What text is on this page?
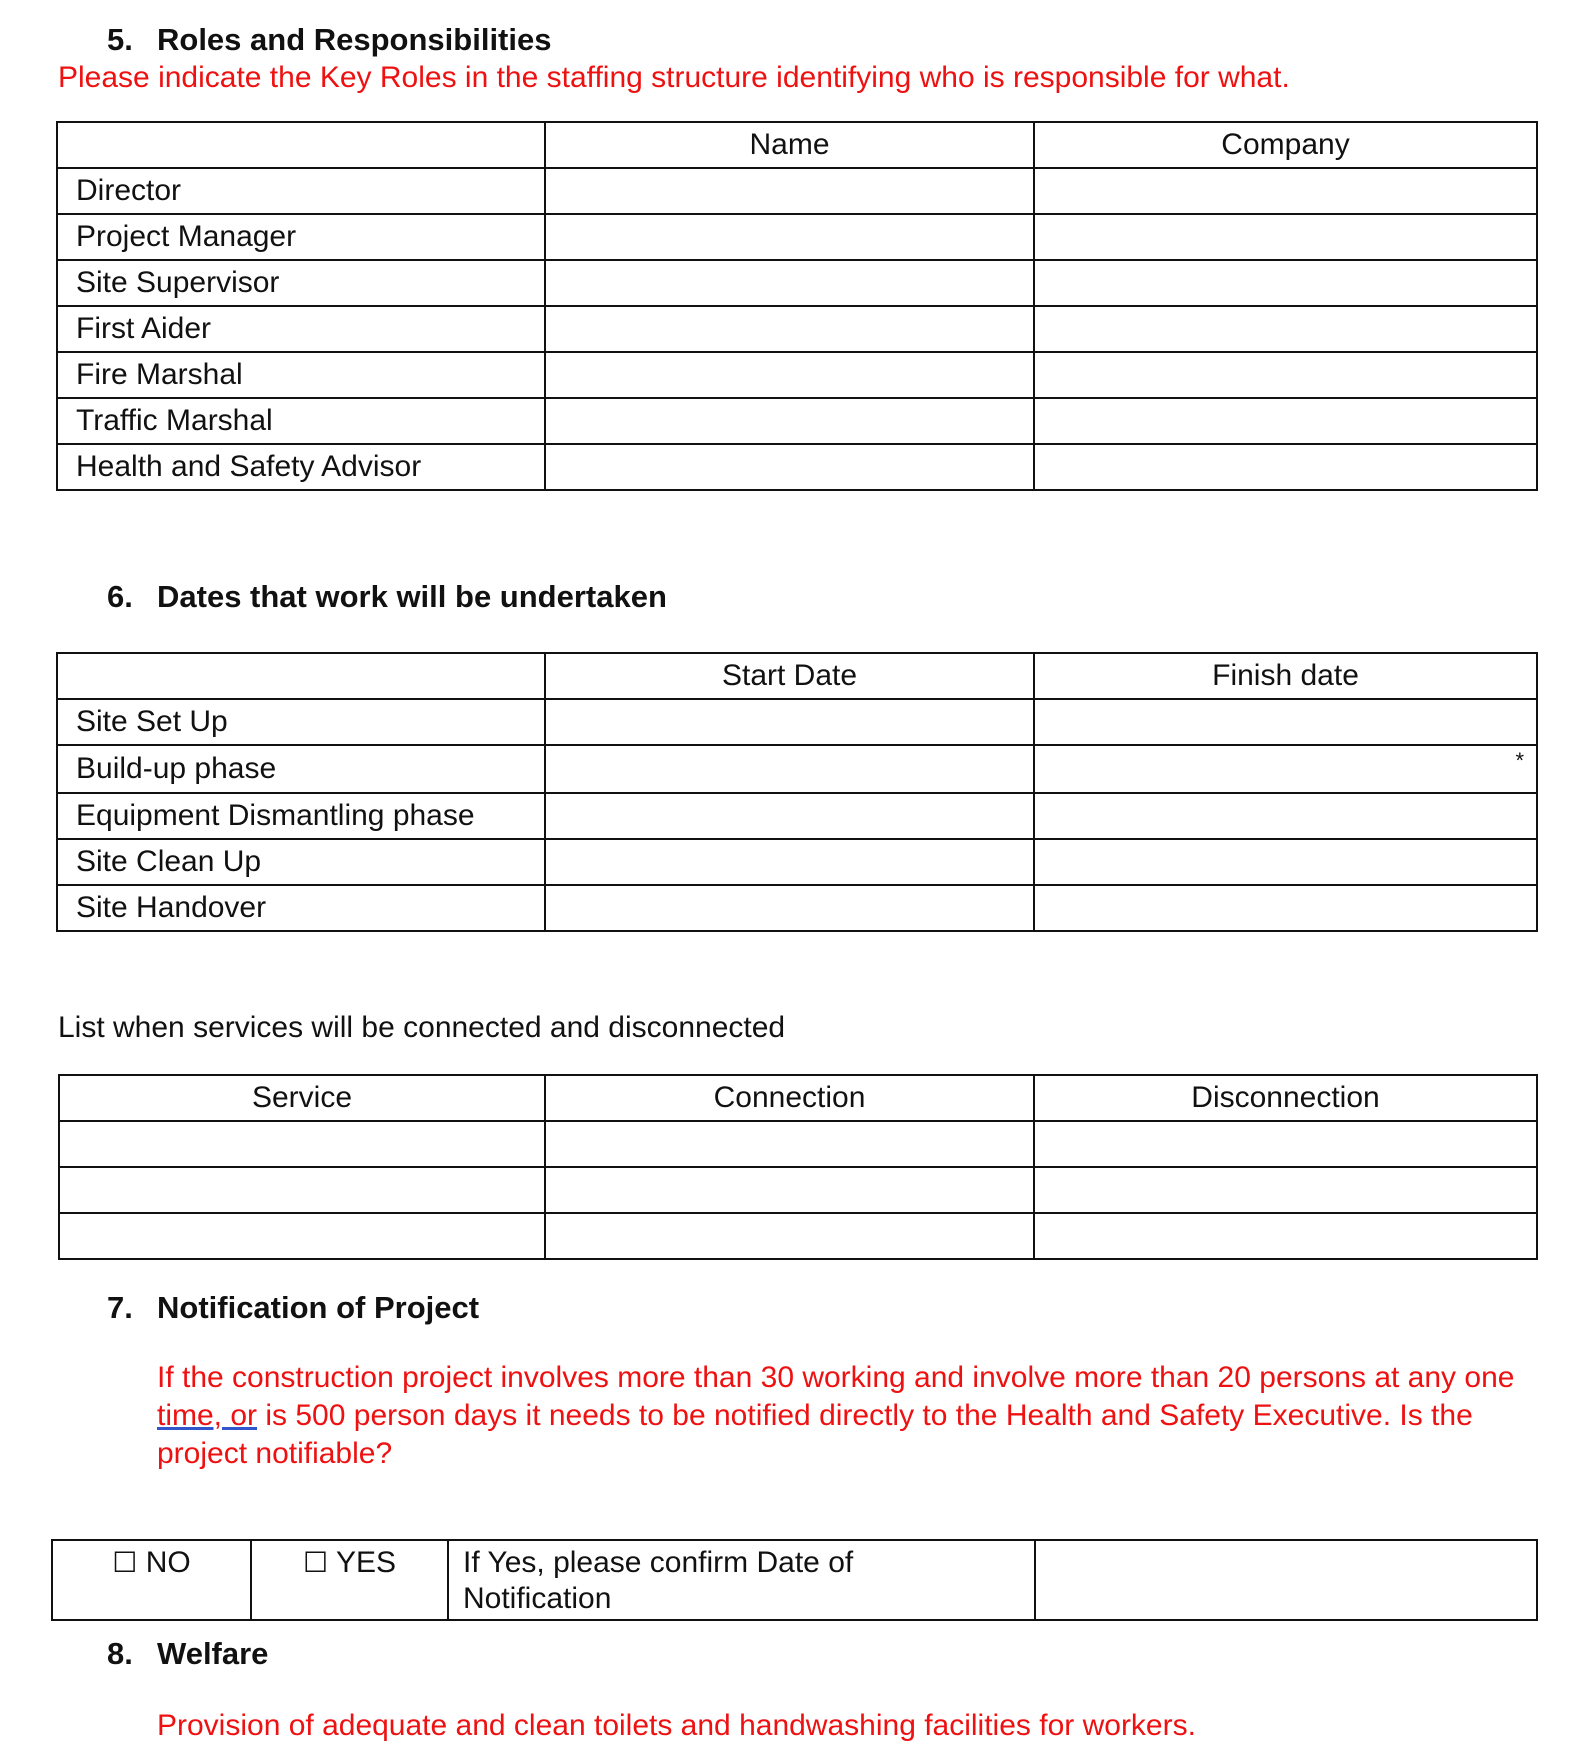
5. Roles and Responsibilities
Please indicate the Key Roles in the staffing structure identifying who is responsible for what.
	Name	Company
Director		
Project Manager		
Site Supervisor		
First Aider		
Fire Marshal		
Traffic Marshal		
Health and Safety Advisor		
6. Dates that work will be undertaken
	Start Date	Finish date
Site Set Up		
Build-up phase		*
Equipment Dismantling phase		
Site Clean Up		
Site Handover		
List when services will be connected and disconnected
Service	Connection	Disconnection

7. Notification of Project
If the construction project involves more than 30 working and involve more than 20 persons at any one time, or is 500 person days it needs to be notified directly to the Health and Safety Executive. Is the project notifiable?
☐ NO	☐ YES	If Yes, please confirm Date of Notification	
8. Welfare
Provision of adequate and clean toilets and handwashing facilities for workers.
